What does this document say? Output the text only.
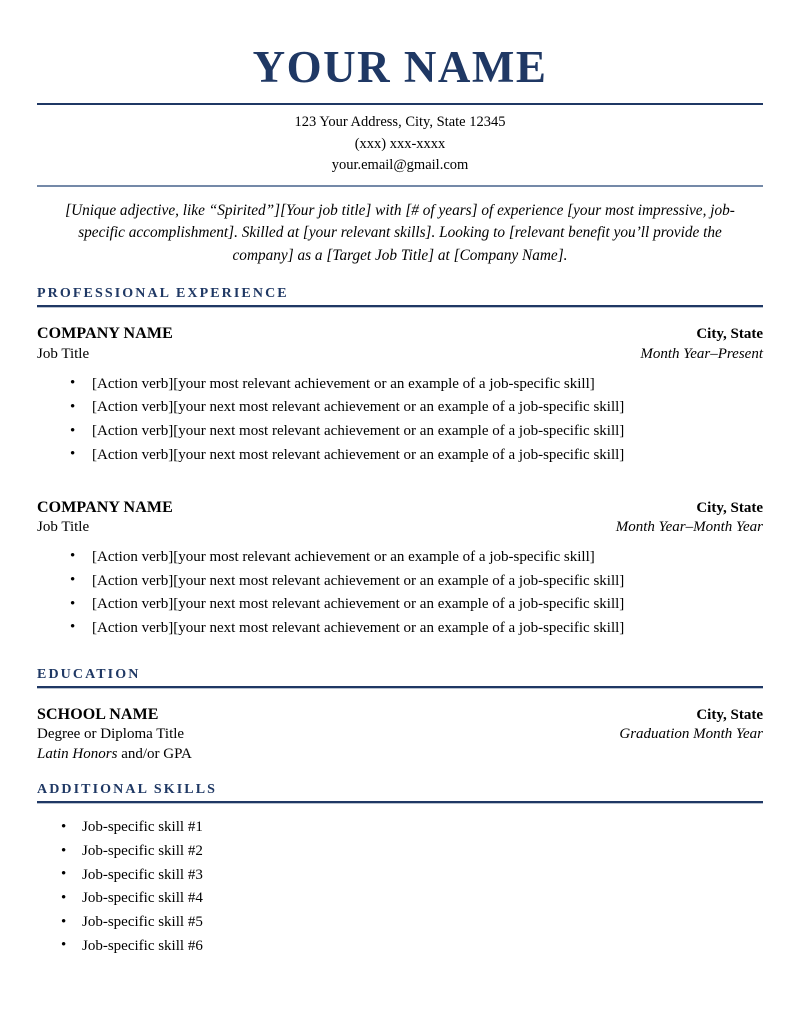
YOUR NAME
123 Your Address, City, State 12345
(xxx) xxx-xxxx
your.email@gmail.com
[Unique adjective, like “Spirited”][Your job title] with [# of years] of experience [your most impressive, job-specific accomplishment]. Skilled at [your relevant skills]. Looking to [relevant benefit you’ll provide the company] as a [Target Job Title] at [Company Name].
PROFESSIONAL EXPERIENCE
COMPANY NAME	City, State
Job Title	Month Year–Present
• [Action verb][your most relevant achievement or an example of a job-specific skill]
• [Action verb][your next most relevant achievement or an example of a job-specific skill]
• [Action verb][your next most relevant achievement or an example of a job-specific skill]
• [Action verb][your next most relevant achievement or an example of a job-specific skill]
COMPANY NAME	City, State
Job Title	Month Year–Month Year
• [Action verb][your most relevant achievement or an example of a job-specific skill]
• [Action verb][your next most relevant achievement or an example of a job-specific skill]
• [Action verb][your next most relevant achievement or an example of a job-specific skill]
• [Action verb][your next most relevant achievement or an example of a job-specific skill]
EDUCATION
SCHOOL NAME	City, State
Degree or Diploma Title	Graduation Month Year
Latin Honors and/or GPA
ADDITIONAL SKILLS
• Job-specific skill #1
• Job-specific skill #2
• Job-specific skill #3
• Job-specific skill #4
• Job-specific skill #5
• Job-specific skill #6
